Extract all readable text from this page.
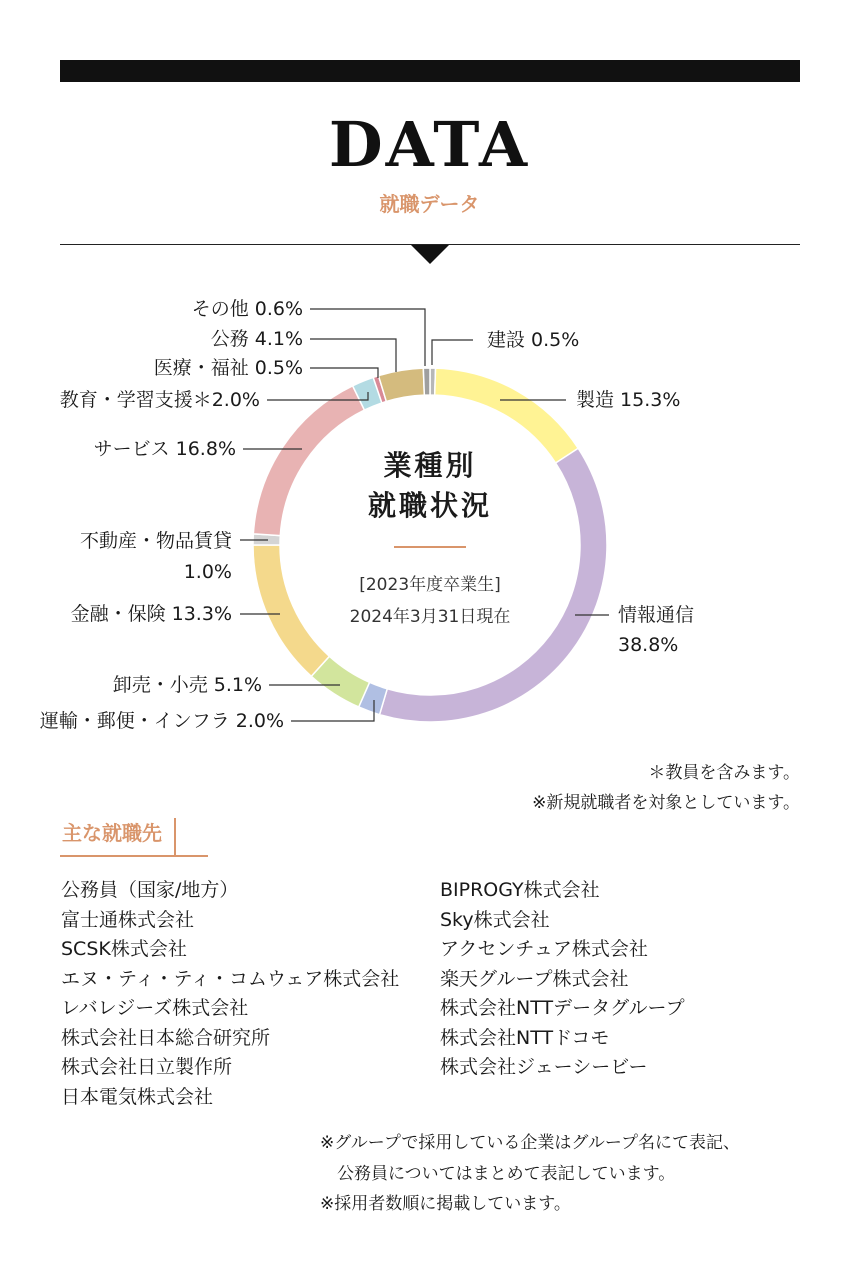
DATA
就職データ
建設 0.5%
製造 15.3%
情報通信
38.8%
運輸・郵便・インフラ 2.0%
卸売・小売 5.1%
金融・保険 13.3%
不動産・物品賃貸
1.0%
サービス 16.8%
教育・学習支援＊2.0%
医療・福祉 0.5%
公務 4.1%
その他 0.6%
業種別
就職状況
[2023年度卒業生]
2024年3月31日現在
＊教員を含みます。
※新規就職者を対象としています。
主な就職先
公務員（国家/地方）
富士通株式会社
SCSK株式会社
エヌ・ティ・ティ・コムウェア株式会社
レバレジーズ株式会社
株式会社日本総合研究所
株式会社日立製作所
日本電気株式会社
BIPROGY株式会社
Sky株式会社
アクセンチュア株式会社
楽天グループ株式会社
株式会社NTTデータグループ
株式会社NTTドコモ
株式会社ジェーシービー
※グループで採用している企業はグループ名にて表記、
　公務員についてはまとめて表記しています。
※採用者数順に掲載しています。
